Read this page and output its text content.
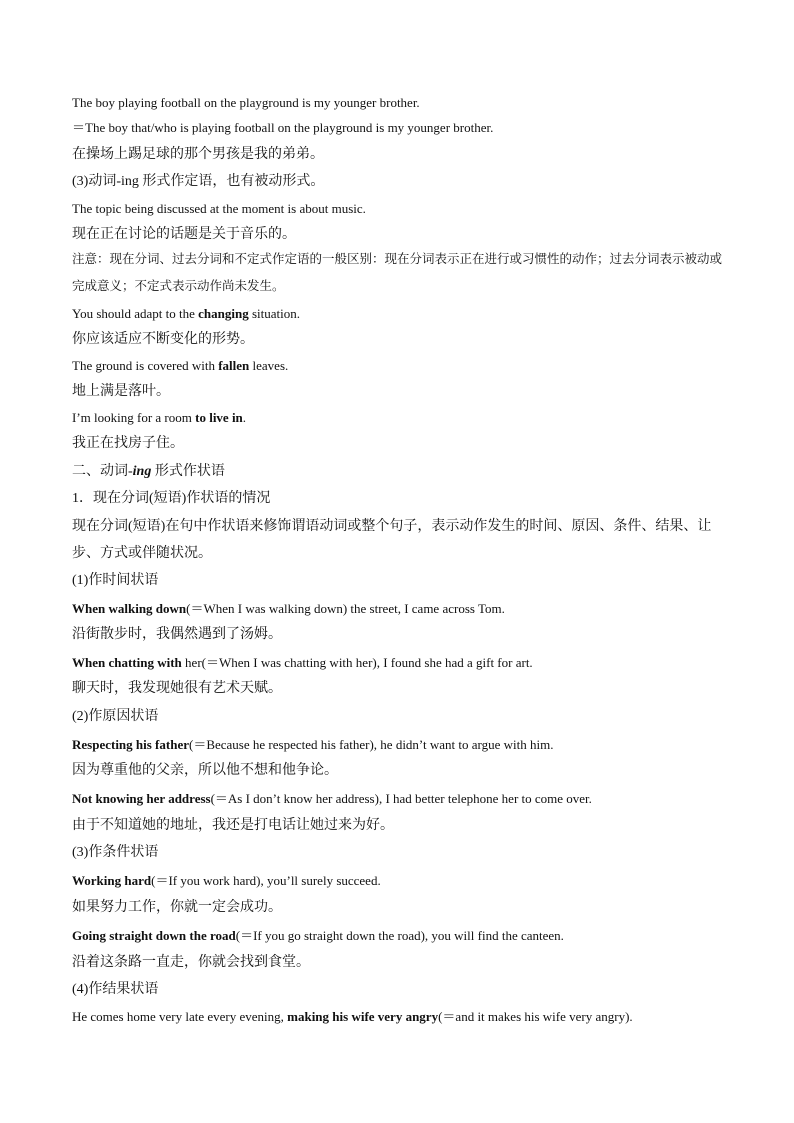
The boy playing football on the playground is my younger brother.
＝The boy that/who is playing football on the playground is my younger brother.
在操场上踢足球的那个男孩是我的弟弟。
(3)动词-ing 形式作定语，也有被动形式。
The topic being discussed at the moment is about music.
现在正在讨论的话题是关于音乐的。
注意：现在分词、过去分词和不定式作定语的一般区别：现在分词表示正在进行或习惯性的动作；过去分词表示被动或完成意义；不定式表示动作尚未发生。
You should adapt to the changing situation.
你应该适应不断变化的形势。
The ground is covered with fallen leaves.
地上满是落叶。
I’m looking for a room to live in.
我正在找房子住。
二、动词-ing 形式作状语
1．现在分词(短语)作状语的情况
现在分词(短语)在句中作状语来修饰谓语动词或整个句子，表示动作发生的时间、原因、条件、结果、让步、方式或伴随状况。
(1)作时间状语
When walking down(＝When I was walking down) the street, I came across Tom.
沿街散步时，我偶然遇到了汤姆。
When chatting with her(＝When I was chatting with her), I found she had a gift for art.
聊天时，我发现她很有艺术天赋。
(2)作原因状语
Respecting his father(＝Because he respected his father), he didn’t want to argue with him.
因为尊重他的父亲，所以他不想和他争论。
Not knowing her address(＝As I don’t know her address), I had better telephone her to come over.
由于不知道她的地址，我还是打电话让她过来为好。
(3)作条件状语
Working hard(＝If you work hard), you’ll surely succeed.
如果努力工作，你就一定会成功。
Going straight down the road(＝If you go straight down the road), you will find the canteen.
沿着这条路一直走，你就会找到食堂。
(4)作结果状语
He comes home very late every evening, making his wife very angry(＝and it makes his wife very angry).
